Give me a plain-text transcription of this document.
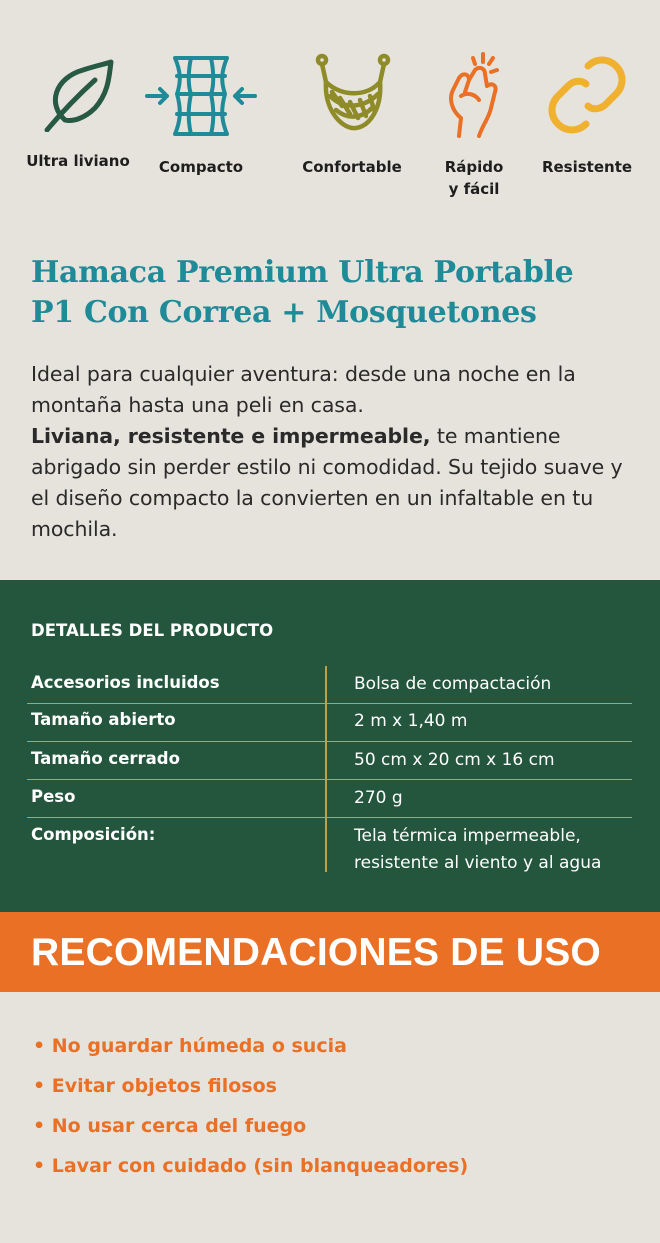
Ultra liviano	Compacto	Confortable	Rápido
y fácil
Resistente
Hamaca Premium Ultra Portable
P1 Con Correa + Mosquetones
Ideal para cualquier aventura: desde una noche en la montaña hasta una peli en casa.
Liviana, resistente e impermeable, te mantiene abrigado sin perder estilo ni comodidad. Su tejido suave y el diseño compacto la convierten en un infaltable en tu mochila.
DETALLES DEL PRODUCTO
Accesorios incluidos	Bolsa de compactación
Tamaño abierto	2 m x 1,40 m
Tamaño cerrado	50 cm x 20 cm x 16 cm
Peso	270 g
Composición:	Tela térmica impermeable, resistente al viento y al agua
RECOMENDACIONES DE USO
• No guardar húmeda o sucia
• Evitar objetos filosos
• No usar cerca del fuego
• Lavar con cuidado (sin blanqueadores)
